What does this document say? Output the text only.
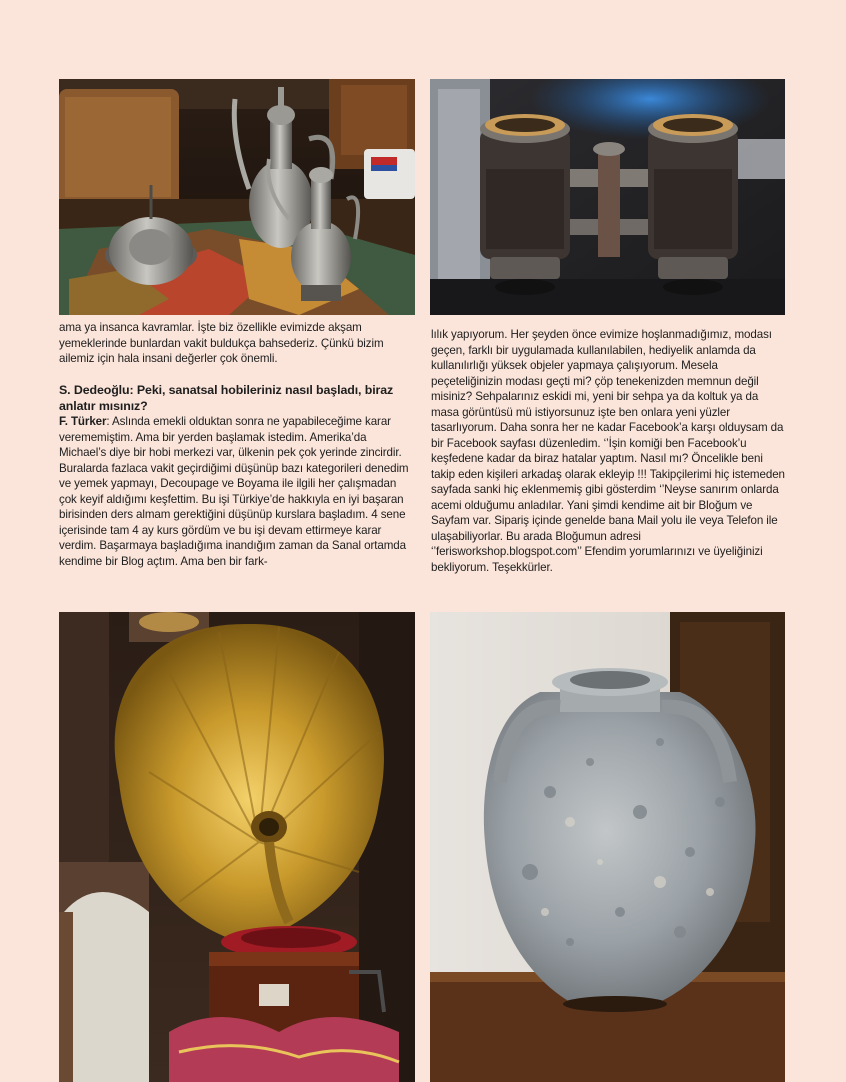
ama ya insanca kavramlar. İşte biz özellikle evimizde akşam yemeklerinde bunlardan vakit buldukça bahsederiz. Çünkü bizim ailemiz için hala insani değerler çok önemli.

S. Dedeoğlu: Peki, sanatsal hobileriniz nasıl başladı, biraz anlatır mısınız?

F. Türker: Aslında emekli olduktan sonra ne yapabileceğime karar verememiştim. Ama bir yerden başlamak istedim. Amerika’da Michael’s diye bir hobi merkezi var, ülkenin pek çok yerinde zincirdir. Buralarda fazlaca vakit geçirdiğimi düşünüp bazı kategorileri denedim ve yemek yapmayı, Decoupage ve Boyama ile ilgili her çalışmadan çok keyif aldığımı keşfettim. Bu işi Türkiye’de hakkıyla en iyi başaran birisinden ders almam gerektiğini düşünüp kurslara başladım. 4 sene içerisinde tam 4 ay kurs gördüm ve bu işi devam ettirmeye karar verdim. Başarmaya başladığıma inandığım zaman da Sanal ortamda kendime bir Blog açtım. Ama ben bir fark-

lılık yapıyorum. Her şeyden önce evimize hoşlanmadığımız, modası geçen, farklı bir uygulamada kullanılabilen, hediyelik anlamda da kullanılırlığı yüksek objeler yapmaya çalışıyorum. Mesela peçeteliğinizin modası geçti mi? çöp tenekenizden memnun değil misiniz? Sehpalarınız eskidi mi, yeni bir sehpa ya da koltuk ya da masa görüntüsü mü istiyorsunuz işte ben onlara yeni yüzler tasarlıyorum. Daha sonra her ne kadar Facebook’a karşı olduysam da bir Facebook sayfası düzenledim. ‘’İşin komiği ben Facebook’u keşfedene kadar da biraz hatalar yaptım. Nasıl mı? Öncelikle beni takip eden kişileri arkadaş olarak ekleyip !!! Takipçilerimi hiç istemeden sayfada sanki hiç eklenmemiş gibi gösterdim ‘’Neyse sanırım onlarda acemi olduğumu anladılar. Yani şimdi kendime ait bir Bloğum ve Sayfam var. Sipariş içinde genelde bana Mail yolu ile veya Telefon ile ulaşabiliyorlar. Bu arada Bloğumun adresi ‘’ferisworkshop.blogspot.com’’ Efendim yorumlarınızı ve üyeliğinizi bekliyorum. Teşekkürler.
